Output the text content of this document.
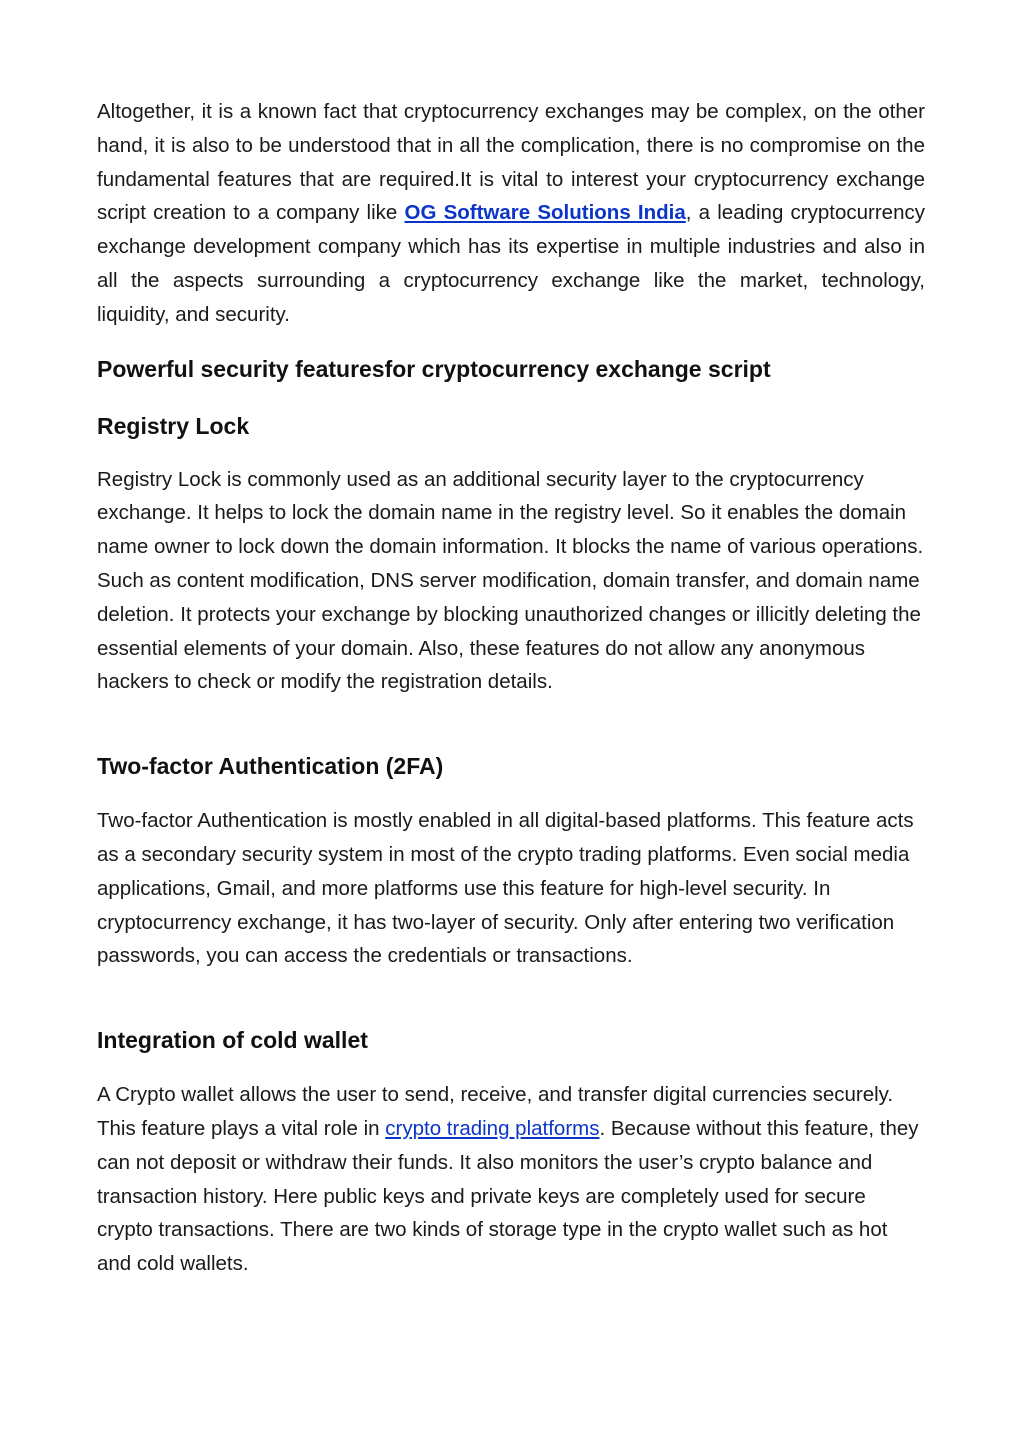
Altogether, it is a known fact that cryptocurrency exchanges may be complex, on the other hand, it is also to be understood that in all the complication, there is no compromise on the fundamental features that are required.It is vital to interest your cryptocurrency exchange script creation to a company like OG Software Solutions India, a leading cryptocurrency exchange development company which has its expertise in multiple industries and also in all the aspects surrounding a cryptocurrency exchange like the market, technology, liquidity, and security.

Powerful security featuresfor cryptocurrency exchange script
Registry Lock

Registry Lock is commonly used as an additional security layer to the cryptocurrency exchange. It helps to lock the domain name in the registry level. So it enables the domain name owner to lock down the domain information. It blocks the name of various operations. Such as content modification, DNS server modification, domain transfer, and domain name deletion. It protects your exchange by blocking unauthorized changes or illicitly deleting the essential elements of your domain. Also, these features do not allow any anonymous hackers to check or modify the registration details.

Two-factor Authentication (2FA)

Two-factor Authentication is mostly enabled in all digital-based platforms. This feature acts as a secondary security system in most of the crypto trading platforms. Even social media applications, Gmail, and more platforms use this feature for high-level security. In cryptocurrency exchange, it has two-layer of security. Only after entering two verification passwords, you can access the credentials or transactions.

Integration of cold wallet

A Crypto wallet allows the user to send, receive, and transfer digital currencies securely. This feature plays a vital role in crypto trading platforms. Because without this feature, they can not deposit or withdraw their funds. It also monitors the user’s crypto balance and transaction history. Here public keys and private keys are completely used for secure crypto transactions. There are two kinds of storage type in the crypto wallet such as hot and cold wallets.
